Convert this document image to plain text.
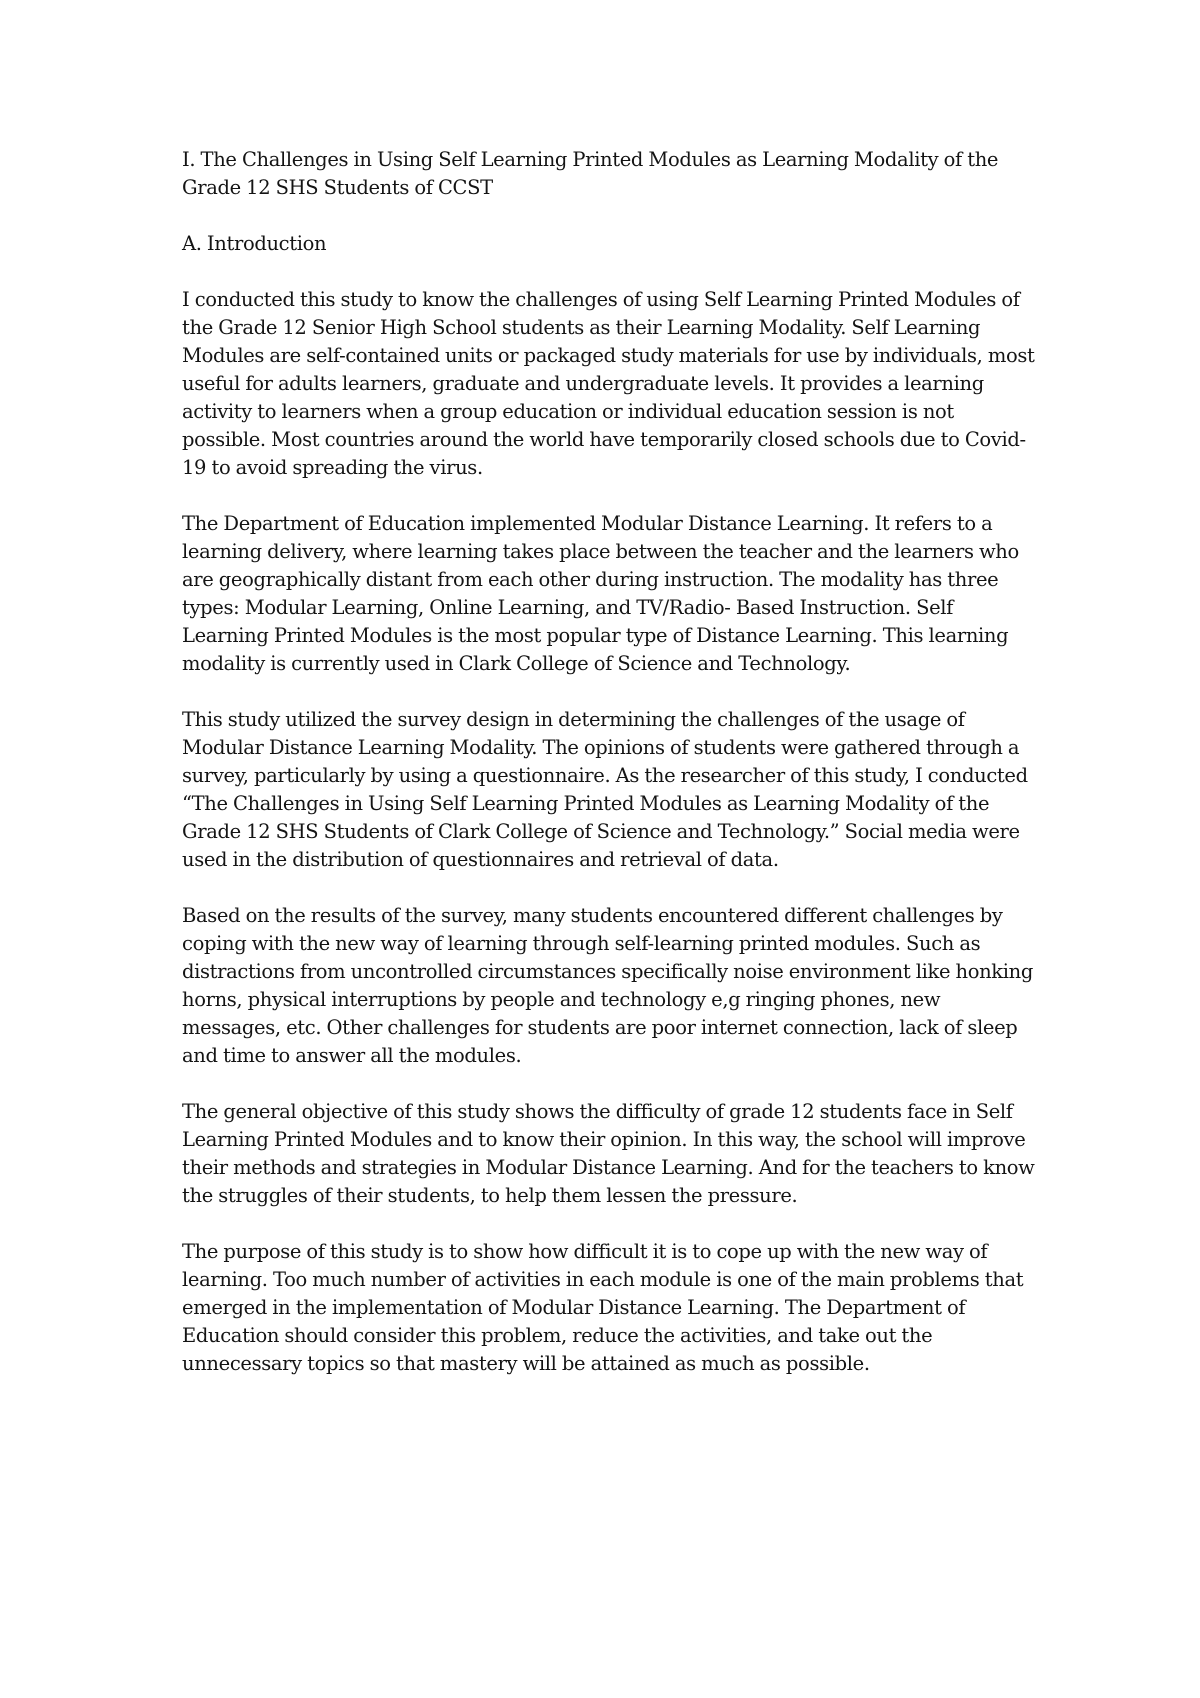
I. The Challenges in Using Self Learning Printed Modules as Learning Modality of the Grade 12 SHS Students of CCST

A. Introduction

I conducted this study to know the challenges of using Self Learning Printed Modules of the Grade 12 Senior High School students as their Learning Modality. Self Learning Modules are self-contained units or packaged study materials for use by individuals, most useful for adults learners, graduate and undergraduate levels. It provides a learning activity to learners when a group education or individual education session is not possible. Most countries around the world have temporarily closed schools due to Covid-19 to avoid spreading the virus.

The Department of Education implemented Modular Distance Learning. It refers to a learning delivery, where learning takes place between the teacher and the learners who are geographically distant from each other during instruction. The modality has three types: Modular Learning, Online Learning, and TV/Radio- Based Instruction. Self Learning Printed Modules is the most popular type of Distance Learning. This learning modality is currently used in Clark College of Science and Technology.

This study utilized the survey design in determining the challenges of the usage of Modular Distance Learning Modality. The opinions of students were gathered through a survey, particularly by using a questionnaire. As the researcher of this study, I conducted “The Challenges in Using Self Learning Printed Modules as Learning Modality of the Grade 12 SHS Students of Clark College of Science and Technology.” Social media were used in the distribution of questionnaires and retrieval of data.

Based on the results of the survey, many students encountered different challenges by coping with the new way of learning through self-learning printed modules. Such as distractions from uncontrolled circumstances specifically noise environment like honking horns, physical interruptions by people and technology e,g ringing phones, new messages, etc. Other challenges for students are poor internet connection, lack of sleep and time to answer all the modules.

The general objective of this study shows the difficulty of grade 12 students face in Self Learning Printed Modules and to know their opinion. In this way, the school will improve their methods and strategies in Modular Distance Learning. And for the teachers to know the struggles of their students, to help them lessen the pressure.

The purpose of this study is to show how difficult it is to cope up with the new way of learning. Too much number of activities in each module is one of the main problems that emerged in the implementation of Modular Distance Learning. The Department of Education should consider this problem, reduce the activities, and take out the unnecessary topics so that mastery will be attained as much as possible.
